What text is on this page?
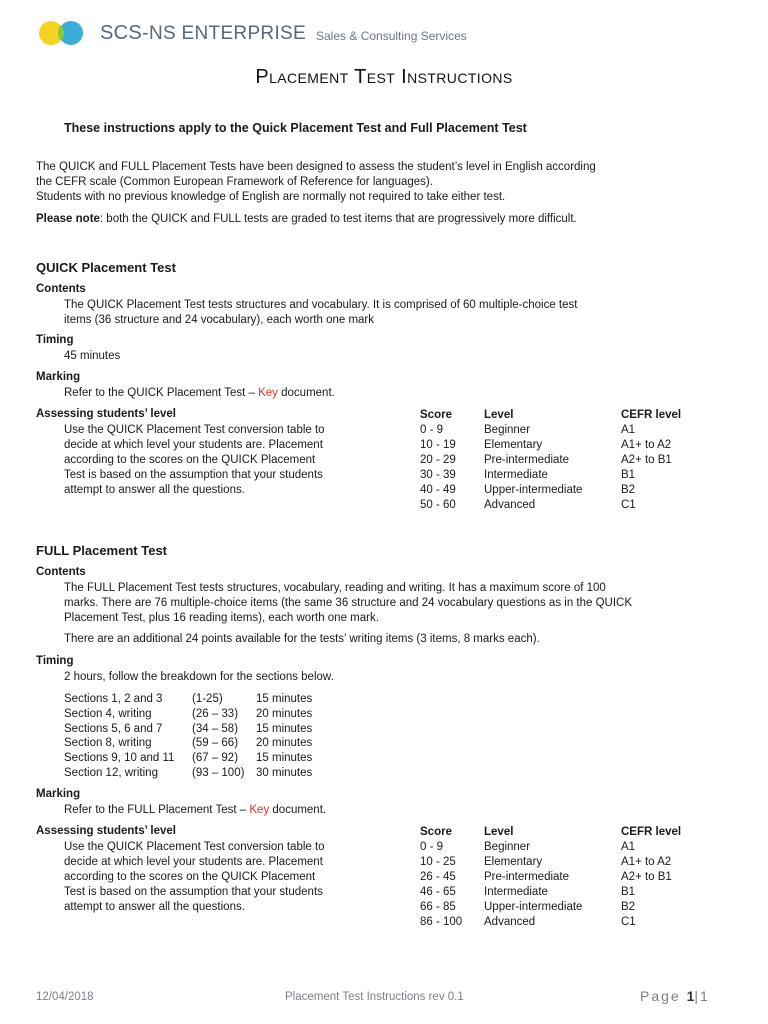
SCS-NS ENTERPRISE Sales & Consulting Services
Placement Test Instructions
These instructions apply to the Quick Placement Test and Full Placement Test
The QUICK and FULL Placement Tests have been designed to assess the student’s level in English according
the CEFR scale (Common European Framework of Reference for languages).
Students with no previous knowledge of English are normally not required to take either test.
Please note: both the QUICK and FULL tests are graded to test items that are progressively more difficult.
QUICK Placement Test
Contents
The QUICK Placement Test tests structures and vocabulary. It is comprised of 60 multiple-choice test
items (36 structure and 24 vocabulary), each worth one mark
Timing
45 minutes
Marking
Refer to the QUICK Placement Test – Key document.
Assessing students’ level
Use the QUICK Placement Test conversion table to
decide at which level your students are. Placement
according to the scores on the QUICK Placement
Test is based on the assumption that your students
attempt to answer all the questions.
Score	Level	CEFR level
0 - 9	Beginner	A1
10 - 19 Elementary	A1+ to A2
20 - 29 Pre-intermediate	A2+ to B1
30 - 39 Intermediate	B1
40 - 49 Upper-intermediate	B2
50 - 60 Advanced	C1
FULL Placement Test
Contents
The FULL Placement Test tests structures, vocabulary, reading and writing. It has a maximum score of 100
marks. There are 76 multiple-choice items (the same 36 structure and 24 vocabulary questions as in the QUICK
Placement Test, plus 16 reading items), each worth one mark.
There are an additional 24 points available for the tests’ writing items (3 items, 8 marks each).
Timing
2 hours, follow the breakdown for the sections below.
Sections 1, 2 and 3	(1-25)	15 minutes
Section 4, writing	(26 – 33) 20 minutes
Sections 5, 6 and 7	(34 – 58) 15 minutes
Section 8, writing	(59 – 66) 20 minutes
Sections 9, 10 and 11 (67 – 92) 15 minutes
Section 12, writing	(93 – 100) 30 minutes
Marking
Refer to the FULL Placement Test – Key document.
Assessing students’ level
Use the QUICK Placement Test conversion table to
decide at which level your students are. Placement
according to the scores on the QUICK Placement
Test is based on the assumption that your students
attempt to answer all the questions.
Score	Level	CEFR level
0 - 9	Beginner	A1
10 - 25 Elementary	A1+ to A2
26 - 45 Pre-intermediate	A2+ to B1
46 - 65 Intermediate	B1
66 - 85 Upper-intermediate	B2
86 - 100 Advanced	C1
12/04/2018	Placement Test Instructions rev 0.1	Page 1|1
